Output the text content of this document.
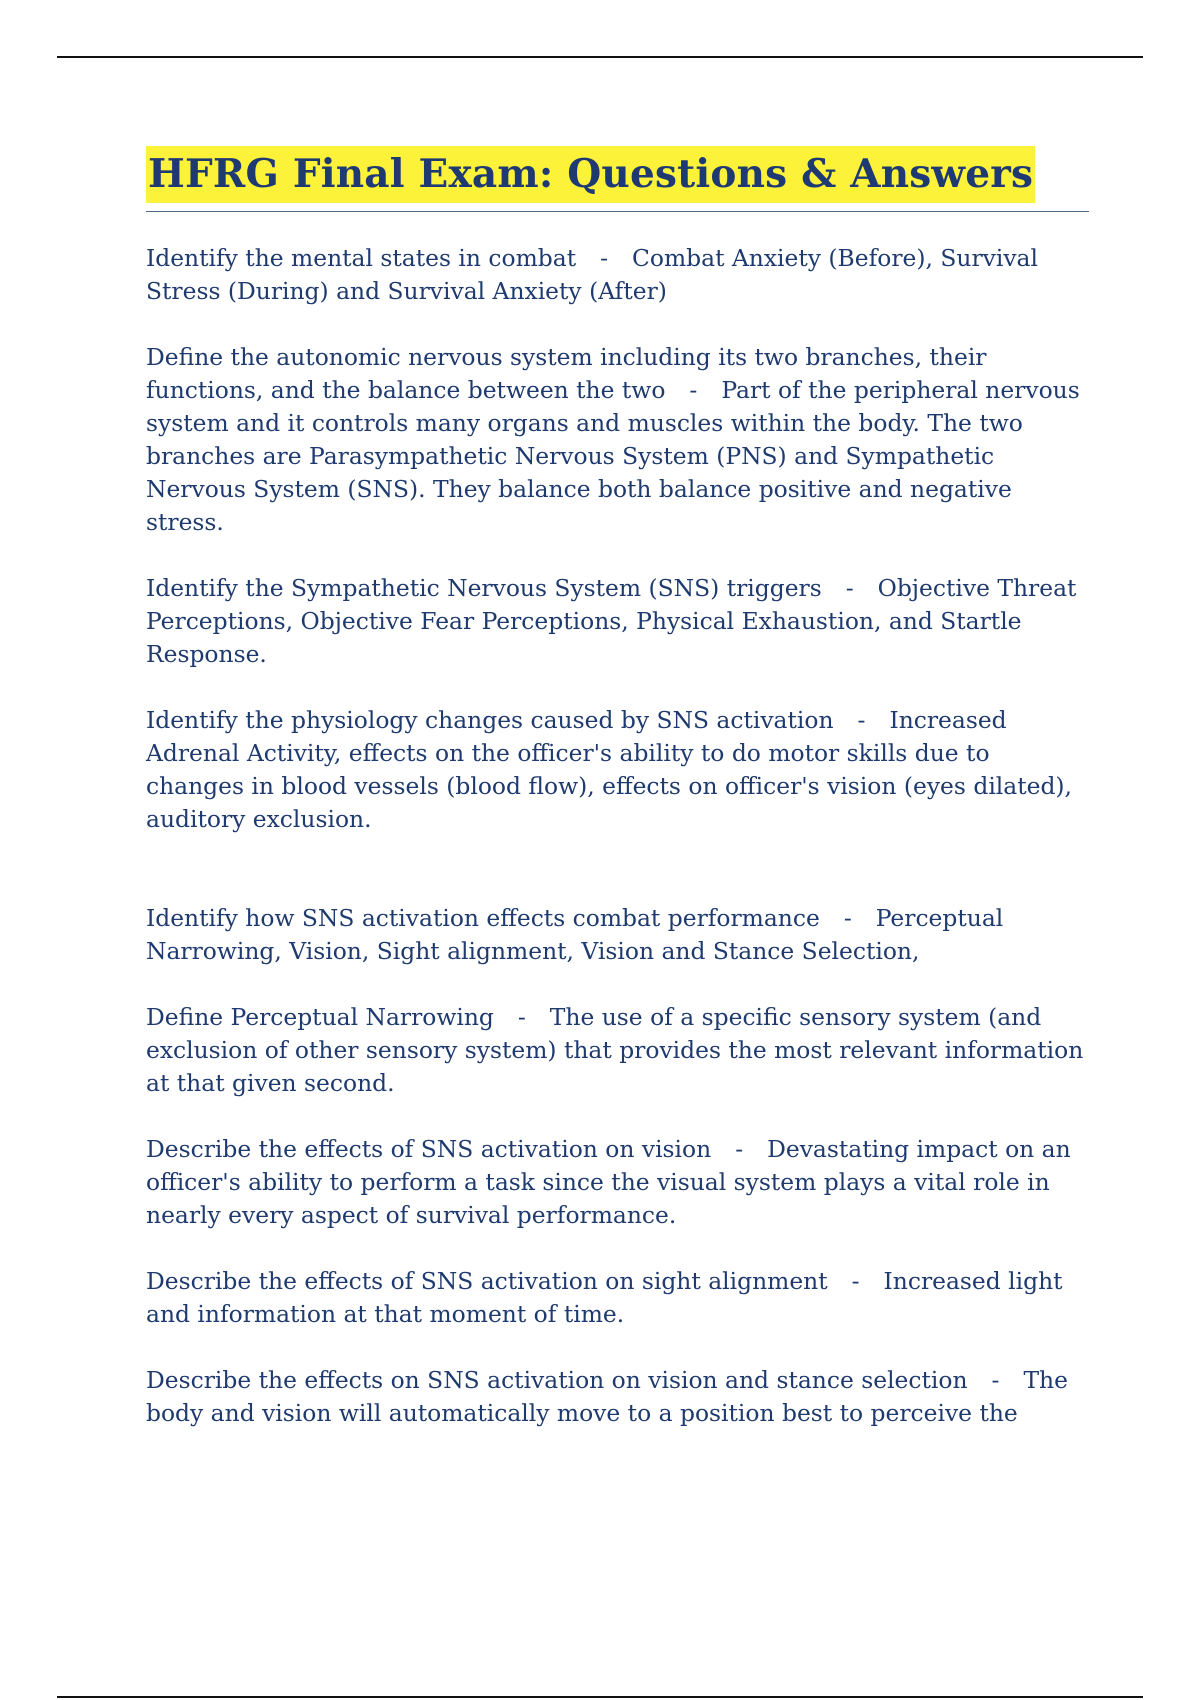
HFRG Final Exam: Questions & Answers

Identify the mental states in combat - Combat Anxiety (Before), Survival Stress (During) and Survival Anxiety (After)

Define the autonomic nervous system including its two branches, their functions, and the balance between the two - Part of the peripheral nervous system and it controls many organs and muscles within the body. The two branches are Parasympathetic Nervous System (PNS) and Sympathetic Nervous System (SNS). They balance both balance positive and negative stress.

Identify the Sympathetic Nervous System (SNS) triggers - Objective Threat Perceptions, Objective Fear Perceptions, Physical Exhaustion, and Startle Response.

Identify the physiology changes caused by SNS activation - Increased Adrenal Activity, effects on the officer's ability to do motor skills due to changes in blood vessels (blood flow), effects on officer's vision (eyes dilated), auditory exclusion.

Identify how SNS activation effects combat performance - Perceptual Narrowing, Vision, Sight alignment, Vision and Stance Selection,

Define Perceptual Narrowing - The use of a specific sensory system (and exclusion of other sensory system) that provides the most relevant information at that given second.

Describe the effects of SNS activation on vision - Devastating impact on an officer's ability to perform a task since the visual system plays a vital role in nearly every aspect of survival performance.

Describe the effects of SNS activation on sight alignment - Increased light and information at that moment of time.

Describe the effects on SNS activation on vision and stance selection - The body and vision will automatically move to a position best to perceive the
